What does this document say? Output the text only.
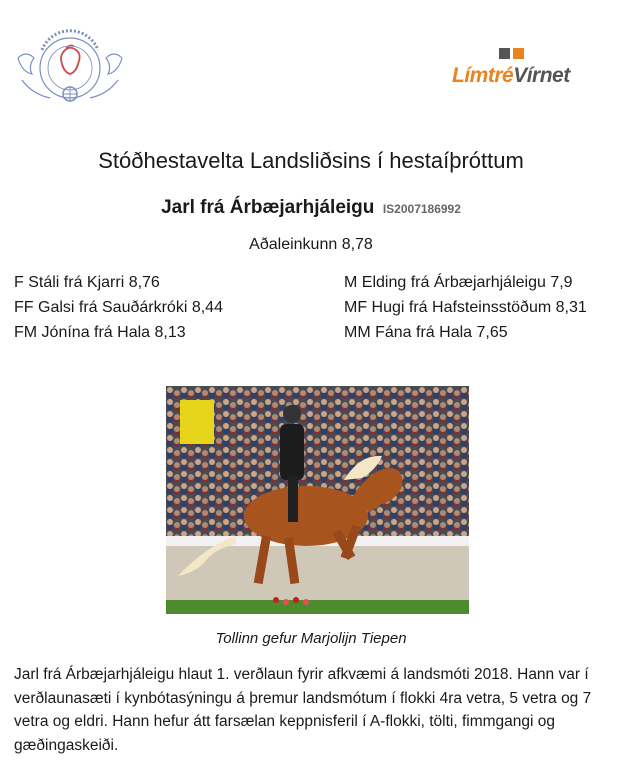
LímtréVírnet
Stóðhestavelta Landsliðsins í hestaíþróttum
Jarl frá Árbæjarhjáleigu IS2007186992
Aðaleinkunn 8,78
F Stáli frá Kjarri 8,76
FF Galsi frá Sauðárkróki 8,44
FM Jónína frá Hala 8,13
M Elding frá Árbæjarhjáleigu 7,9
MF Hugi frá Hafsteinsstöðum 8,31
MM Fána frá Hala 7,65
Tollinn gefur Marjolijn Tiepen
Jarl frá Árbæjarhjáleigu hlaut 1. verðlaun fyrir afkvæmi á landsmóti 2018. Hann var í verðlaunasæti í kynbótasýningu á þremur landsmótum í flokki 4ra vetra, 5 vetra og 7 vetra og eldri. Hann hefur átt farsælan keppnisferil í A-flokki, tölti, fimmgangi og gæðingaskeiði.
